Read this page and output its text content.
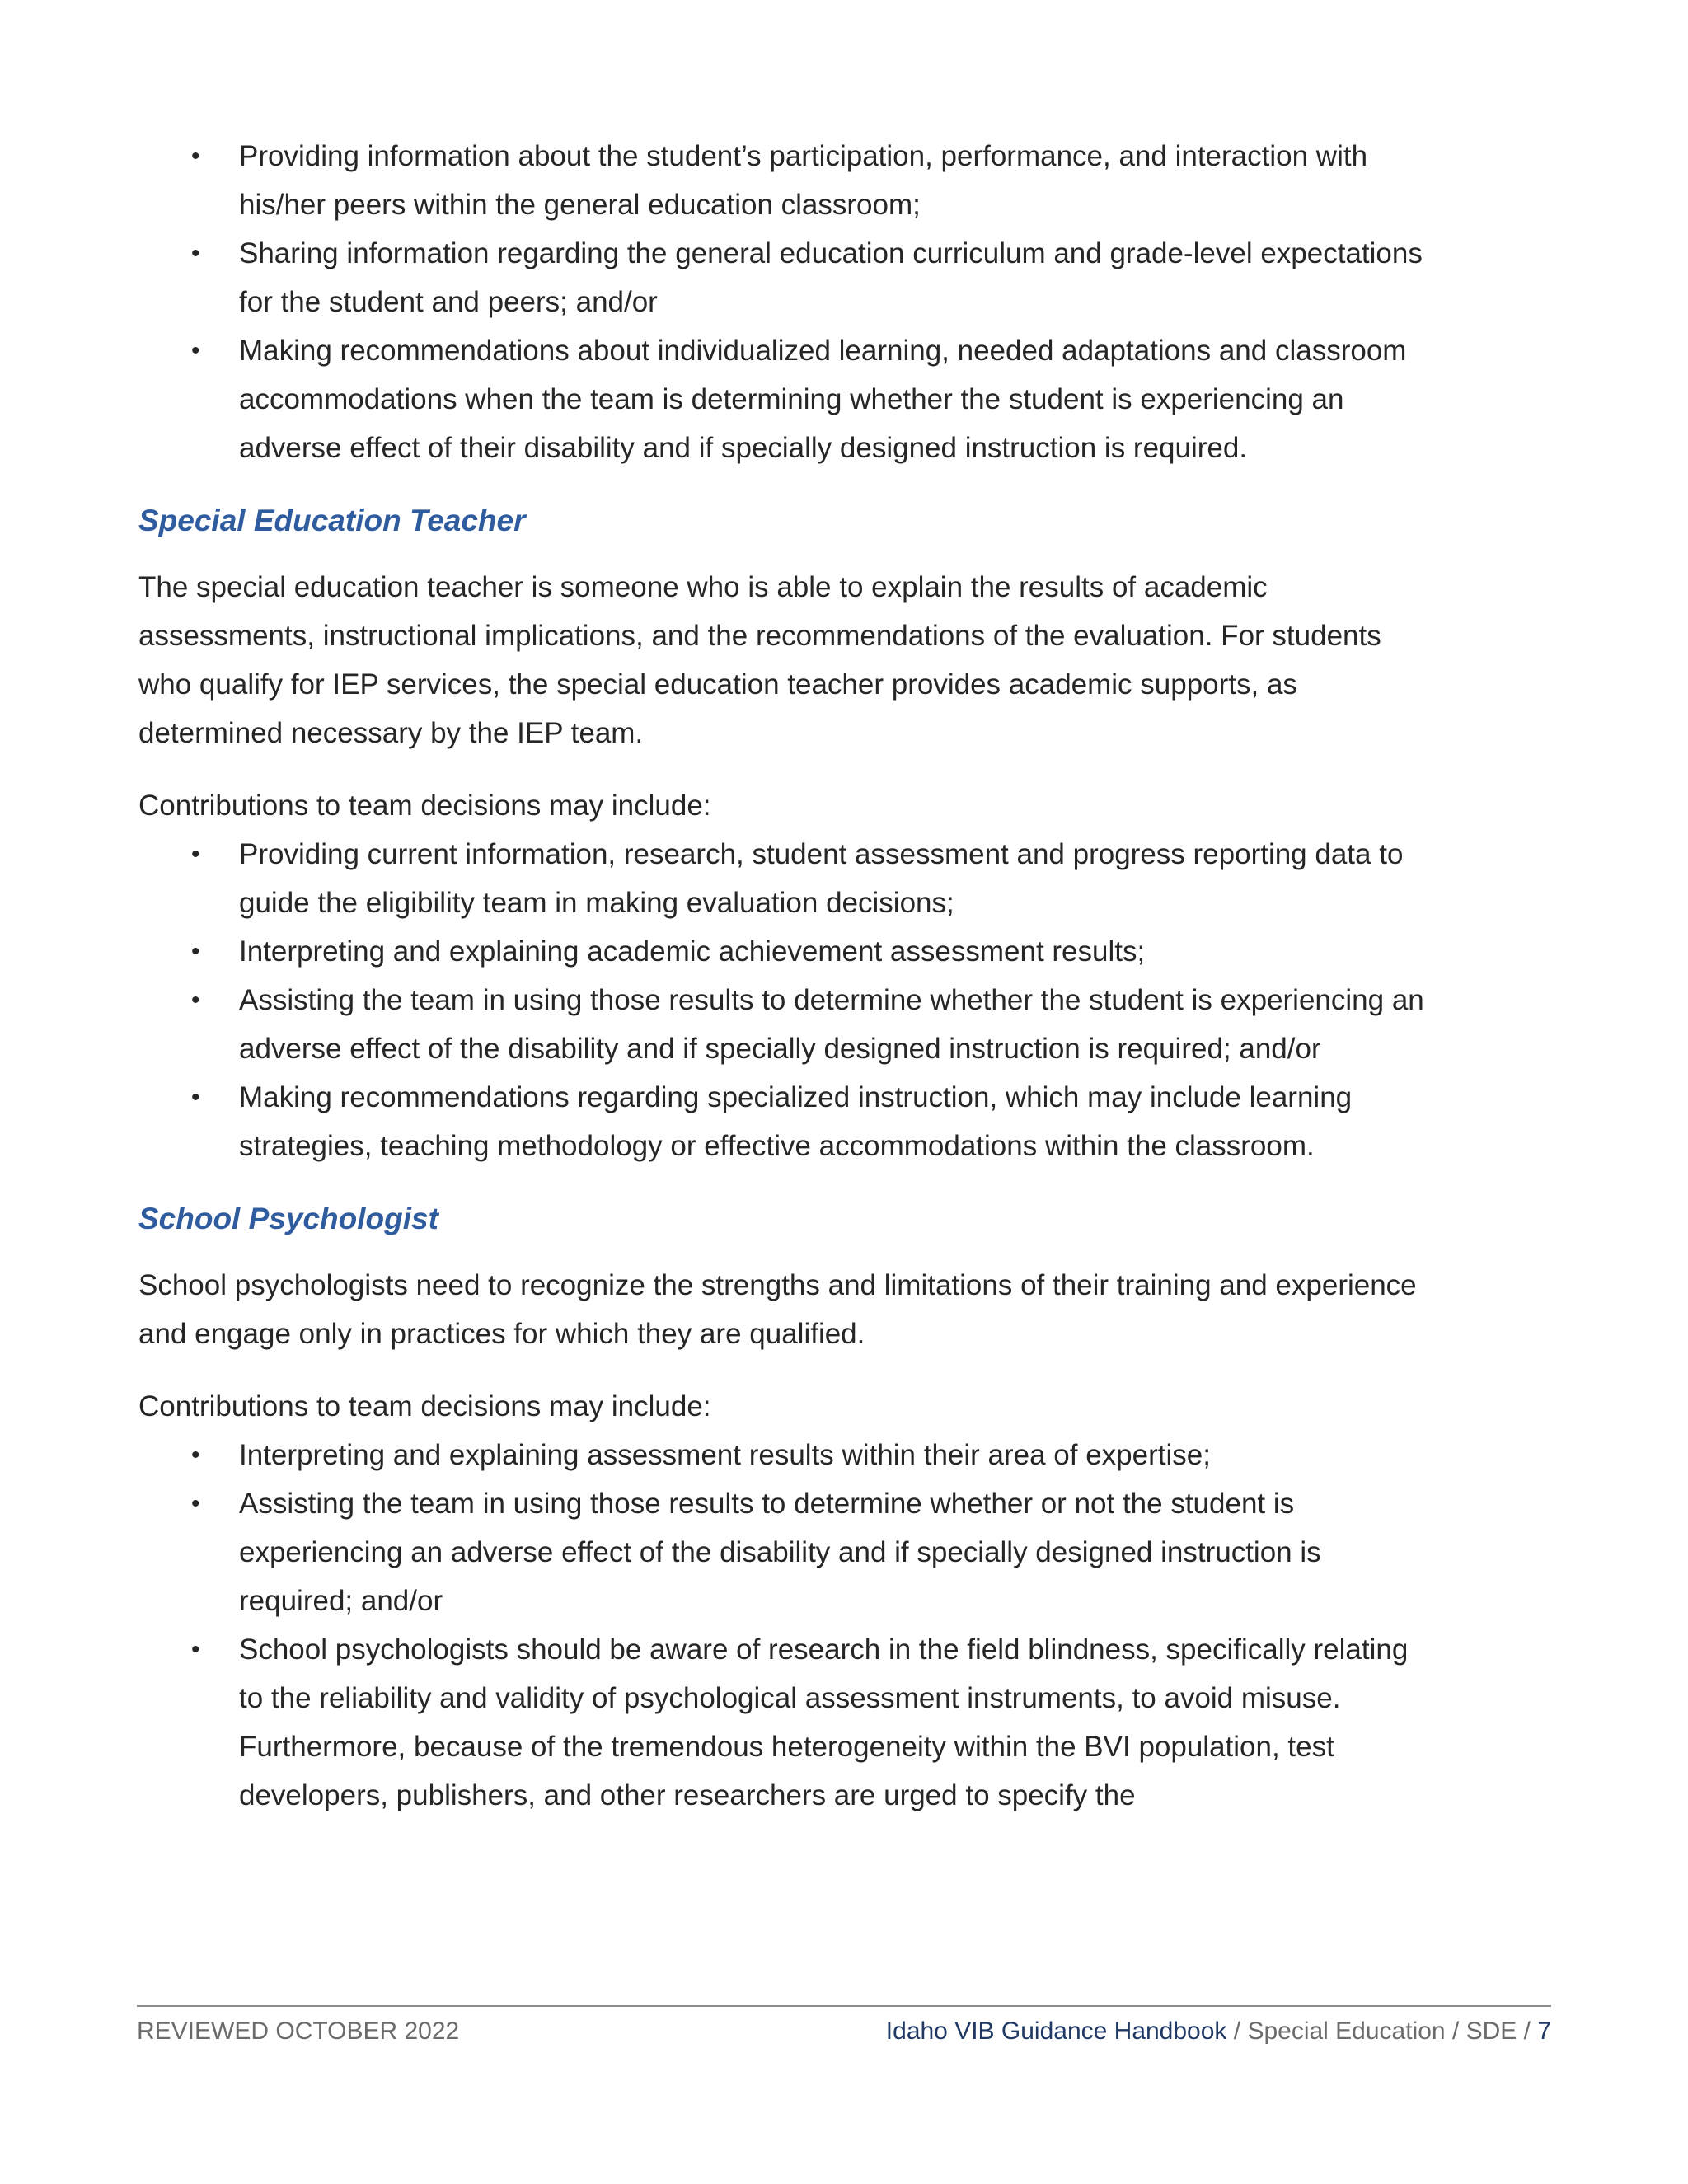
• Providing information about the student’s participation, performance, and interaction with his/her peers within the general education classroom;
• Sharing information regarding the general education curriculum and grade-level expectations for the student and peers; and/or
• Making recommendations about individualized learning, needed adaptations and classroom accommodations when the team is determining whether the student is experiencing an adverse effect of their disability and if specially designed instruction is required.
Special Education Teacher

The special education teacher is someone who is able to explain the results of academic assessments, instructional implications, and the recommendations of the evaluation. For students who qualify for IEP services, the special education teacher provides academic supports, as determined necessary by the IEP team.

Contributions to team decisions may include:

• Providing current information, research, student assessment and progress reporting data to guide the eligibility team in making evaluation decisions;
• Interpreting and explaining academic achievement assessment results;
• Assisting the team in using those results to determine whether the student is experiencing an adverse effect of the disability and if specially designed instruction is required; and/or
• Making recommendations regarding specialized instruction, which may include learning strategies, teaching methodology or effective accommodations within the classroom.
School Psychologist

School psychologists need to recognize the strengths and limitations of their training and experience and engage only in practices for which they are qualified.

Contributions to team decisions may include:

• Interpreting and explaining assessment results within their area of expertise;
• Assisting the team in using those results to determine whether or not the student is experiencing an adverse effect of the disability and if specially designed instruction is required; and/or
• School psychologists should be aware of research in the field blindness, specifically relating to the reliability and validity of psychological assessment instruments, to avoid misuse. Furthermore, because of the tremendous heterogeneity within the BVI population, test developers, publishers, and other researchers are urged to specify the
REVIEWED OCTOBER 2022	Idaho VIB Guidance Handbook / Special Education / SDE / 7
